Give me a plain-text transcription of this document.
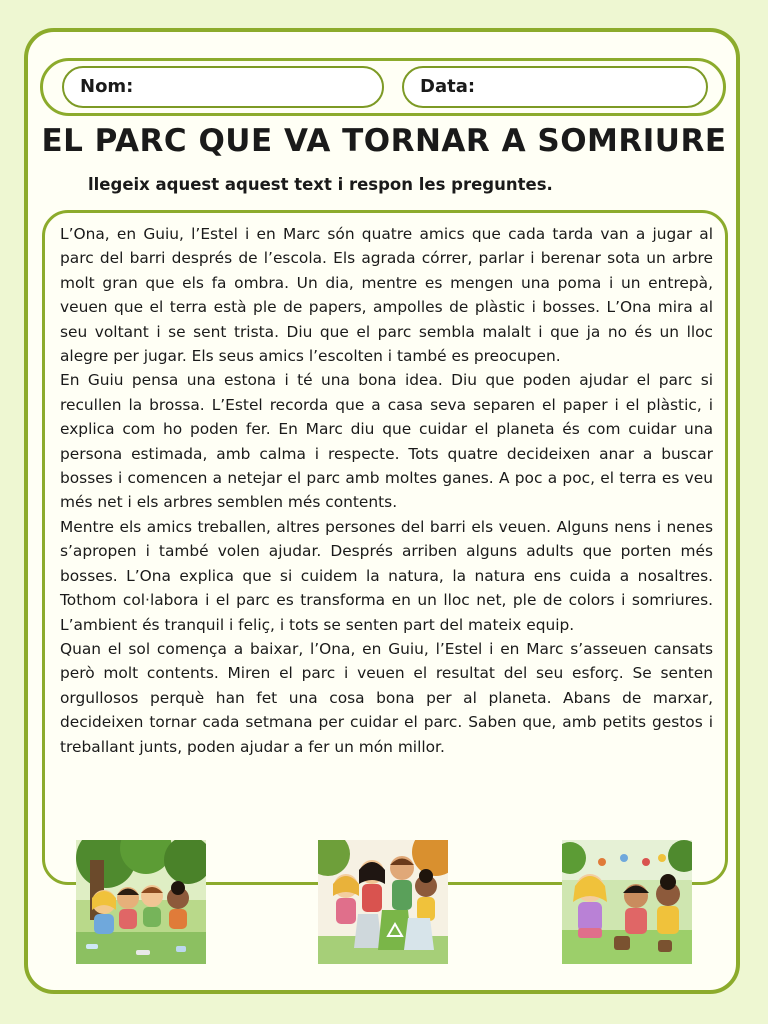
Nom:	Data:
EL PARC QUE VA TORNAR A SOMRIURE
llegeix aquest aquest text i respon les preguntes.

L’Ona, en Guiu, l’Estel i en Marc són quatre amics que cada tarda van a jugar al parc del barri després de l’escola. Els agrada córrer, parlar i berenar sota un arbre molt gran que els fa ombra. Un dia, mentre es mengen una poma i un entrepà, veuen que el terra està ple de papers, ampolles de plàstic i bosses. L’Ona mira al seu voltant i se sent trista. Diu que el parc sembla malalt i que ja no és un lloc alegre per jugar. Els seus amics l’escolten i també es preocupen.

En Guiu pensa una estona i té una bona idea. Diu que poden ajudar el parc si recullen la brossa. L’Estel recorda que a casa seva separen el paper i el plàstic, i explica com ho poden fer. En Marc diu que cuidar el planeta és com cuidar una persona estimada, amb calma i respecte. Tots quatre decideixen anar a buscar bosses i comencen a netejar el parc amb moltes ganes. A poc a poc, el terra es veu més net i els arbres semblen més contents.

Mentre els amics treballen, altres persones del barri els veuen. Alguns nens i nenes s’apropen i també volen ajudar. Després arriben alguns adults que porten més bosses. L’Ona explica que si cuidem la natura, la natura ens cuida a nosaltres. Tothom col·labora i el parc es transforma en un lloc net, ple de colors i somriures. L’ambient és tranquil i feliç, i tots se senten part del mateix equip.

Quan el sol comença a baixar, l’Ona, en Guiu, l’Estel i en Marc s’asseuen cansats però molt contents. Miren el parc i veuen el resultat del seu esforç. Se senten orgullosos perquè han fet una cosa bona per al planeta. Abans de marxar, decideixen tornar cada setmana per cuidar el parc. Saben que, amb petits gestos i treballant junts, poden ajudar a fer un món millor.
